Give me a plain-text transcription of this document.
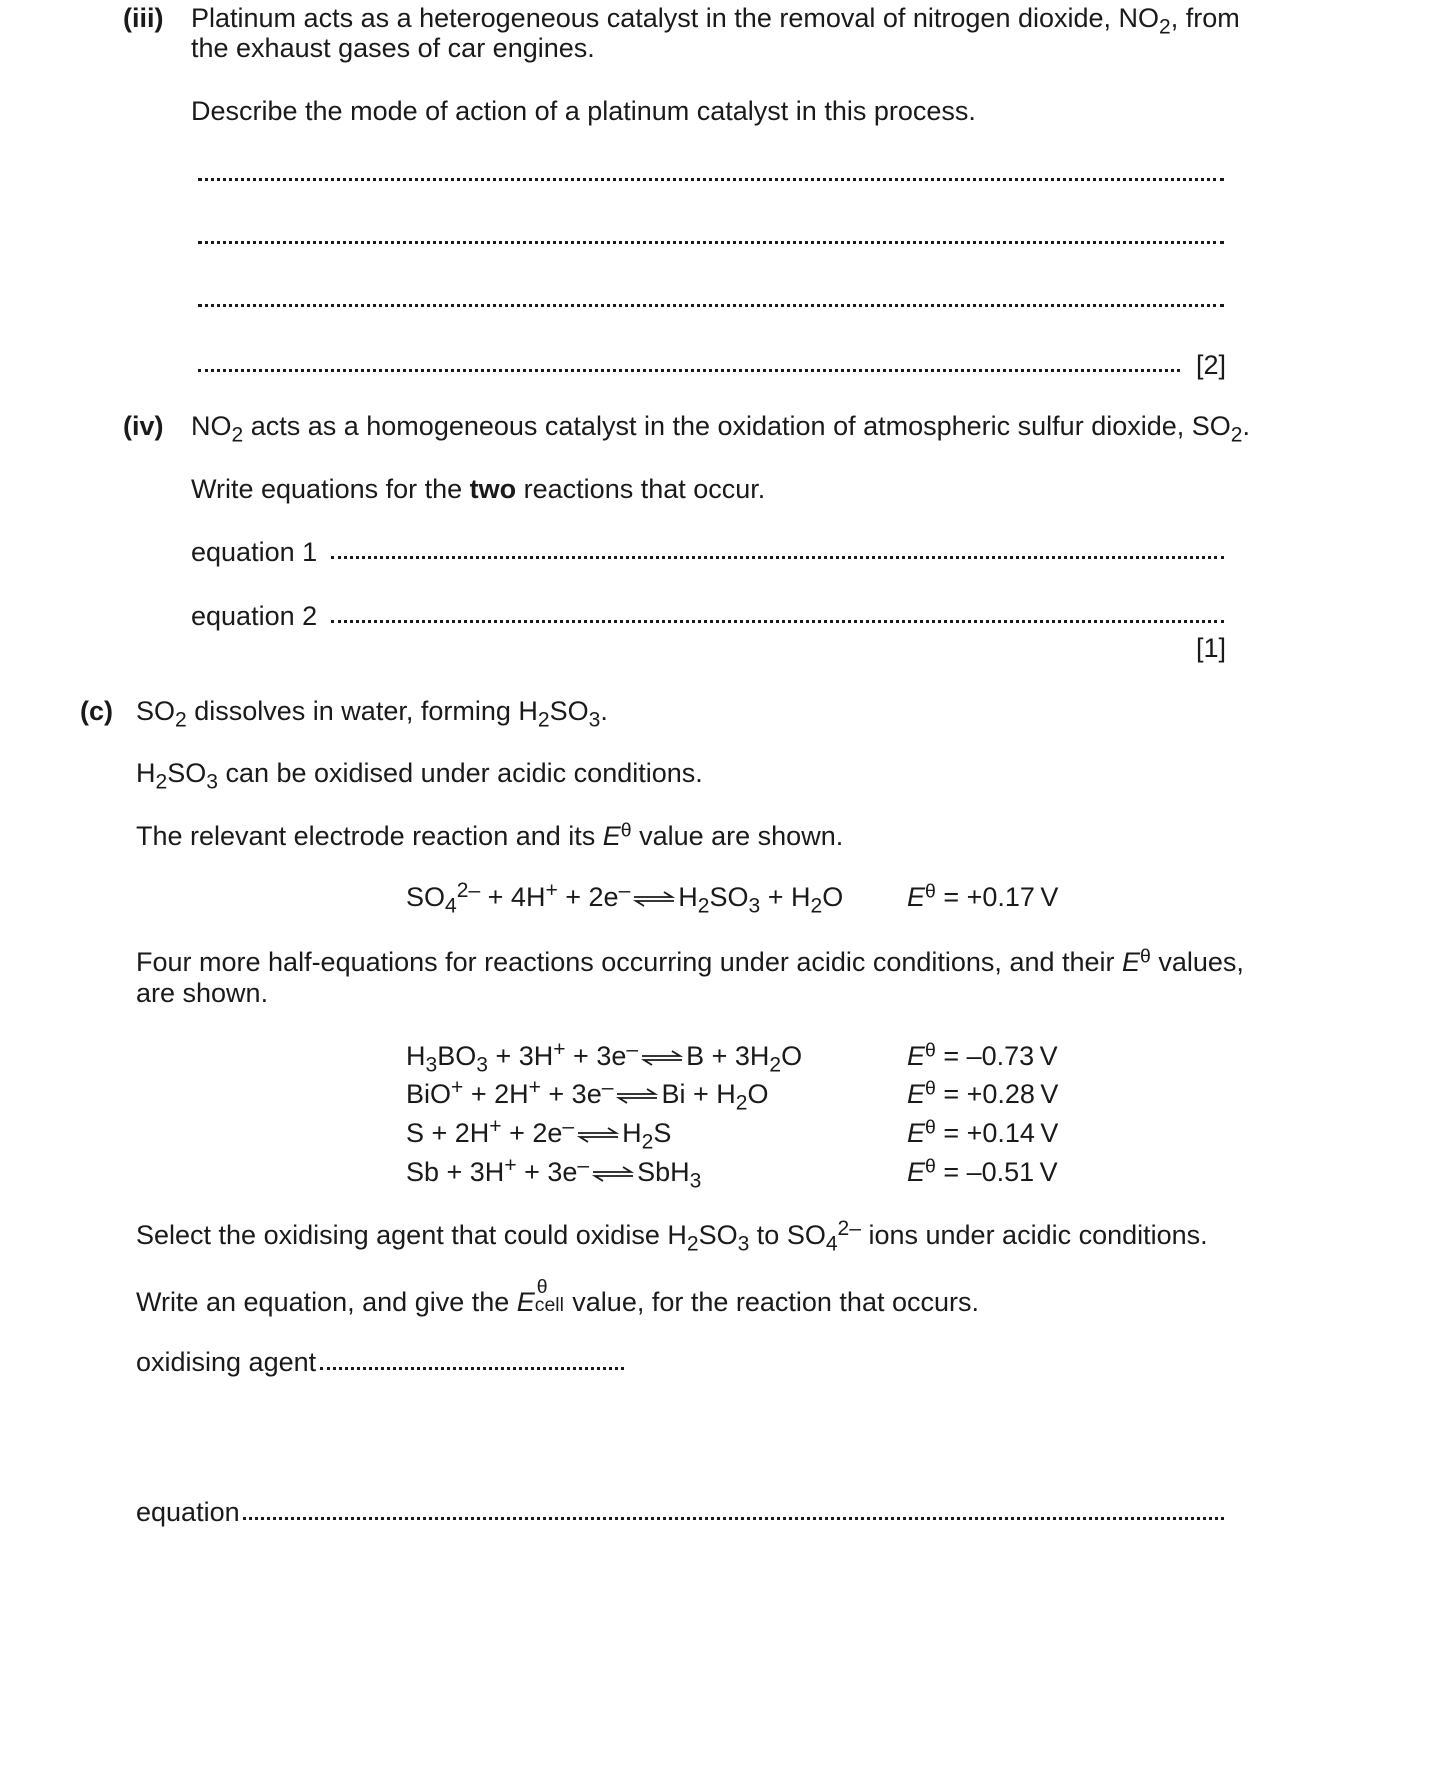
(iii) Platinum acts as a heterogeneous catalyst in the removal of nitrogen dioxide, $NO_2$, from
the exhaust gases of car engines.
Describe the mode of action of a platinum catalyst in this process.
[2]
(iv) $NO_2$ acts as a homogeneous catalyst in the oxidation of atmospheric sulfur dioxide, $SO_2$.
Write equations for the two reactions that occur.
equation 1
equation 2
[1]
(c) $SO_2$ dissolves in water, forming $H_2SO_3$.
$H_2SO_3$ can be oxidised under acidic conditions.
The relevant electrode reaction and its $E^\theta$ value are shown.
$SO_4^{2-} + 4H^+ + 2e^-$ ⇌ $H_2SO_3 + H_2O$ $E^\theta = +0.17$ V
Four more half-equations for reactions occurring under acidic conditions, and their $E^\theta$ values,
are shown.
$H_3BO_3 + 3H^+ + 3e^-$ ⇌ $B + 3H_2O$	$E^\theta = -0.73$ V
BiO+ + 2H+ + 3e– ⇌ $Bi + H_2O$	$E^\theta = +0.28$ V
S + 2H+ + 2e– ⇌ $H_2S$	$E^\theta = +0.14$ V
Sb + 3H+ + 3e– ⇌ SbH$_3$	$E^\theta = -0.51$ V
Select the oxidising agent that could oxidise $H_2SO_3$ to $SO_4^{2-}$ ions under acidic conditions.
Write an equation, and give the E θ
cell value, for the reaction that occurs.
oxidising agent
equation
